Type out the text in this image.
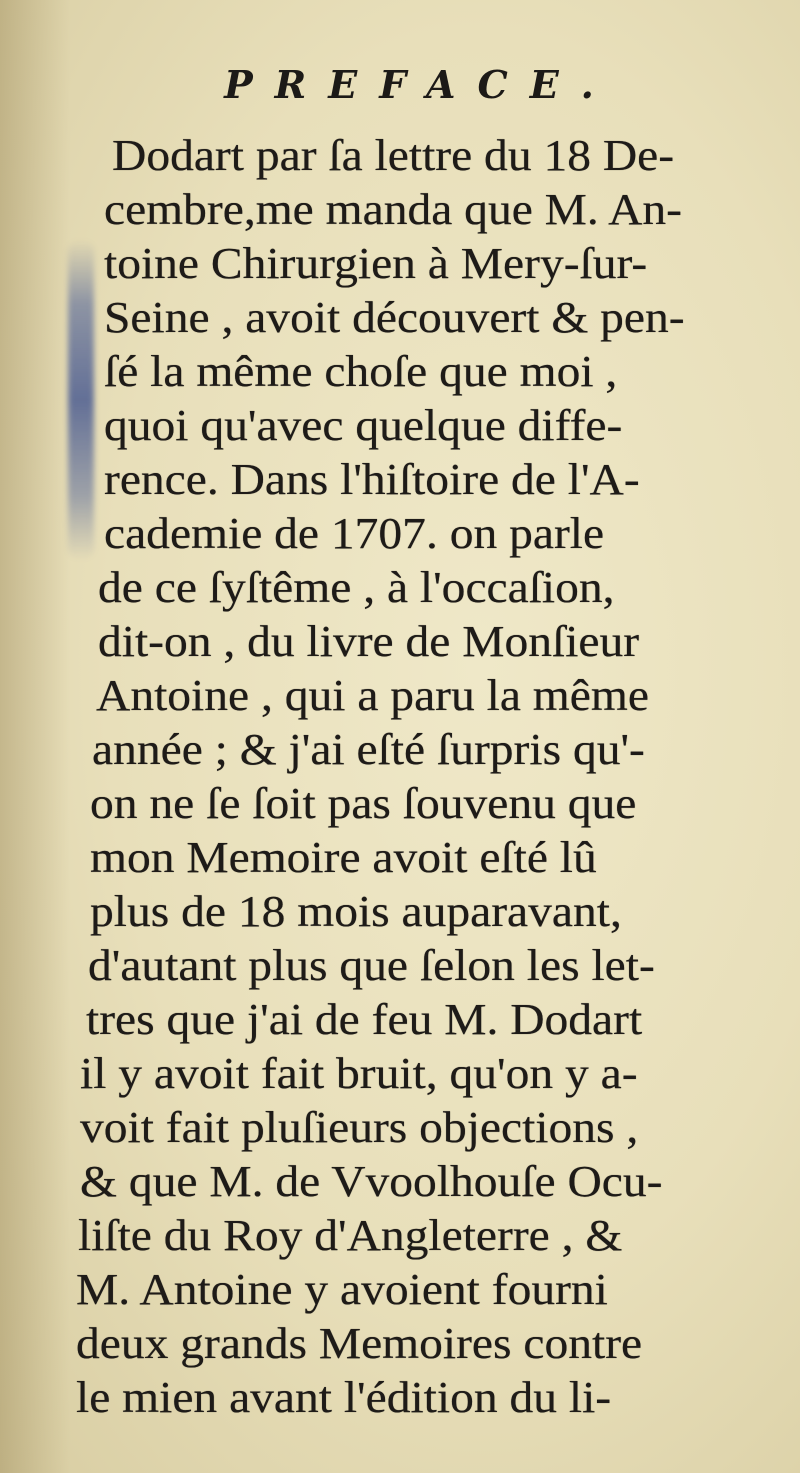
PREFACE.
Dodart par ſa lettre du 18 De-
cembre,me manda que M. An-
toine Chirurgien à Mery-ſur-
Seine , avoit découvert & pen-
ſé la même choſe que moi ,
quoi qu'avec quelque diffe-
rence. Dans l'hiſtoire de l'A-
cademie de 1707. on parle
de ce ſyſtême , à l'occaſion,
dit-on , du livre de Monſieur
Antoine , qui a paru la même
année ; & j'ai eſté ſurpris qu'-
on ne ſe ſoit pas ſouvenu que
mon Memoire avoit eſté lû
plus de 18 mois auparavant,
d'autant plus que ſelon les let-
tres que j'ai de feu M. Dodart
il y avoit fait bruit, qu'on y a-
voit fait pluſieurs objections ,
& que M. de Vvoolhouſe Ocu-
liſte du Roy d'Angleterre , &
M. Antoine y avoient fourni
deux grands Memoires contre
le mien avant l'édition du li-
